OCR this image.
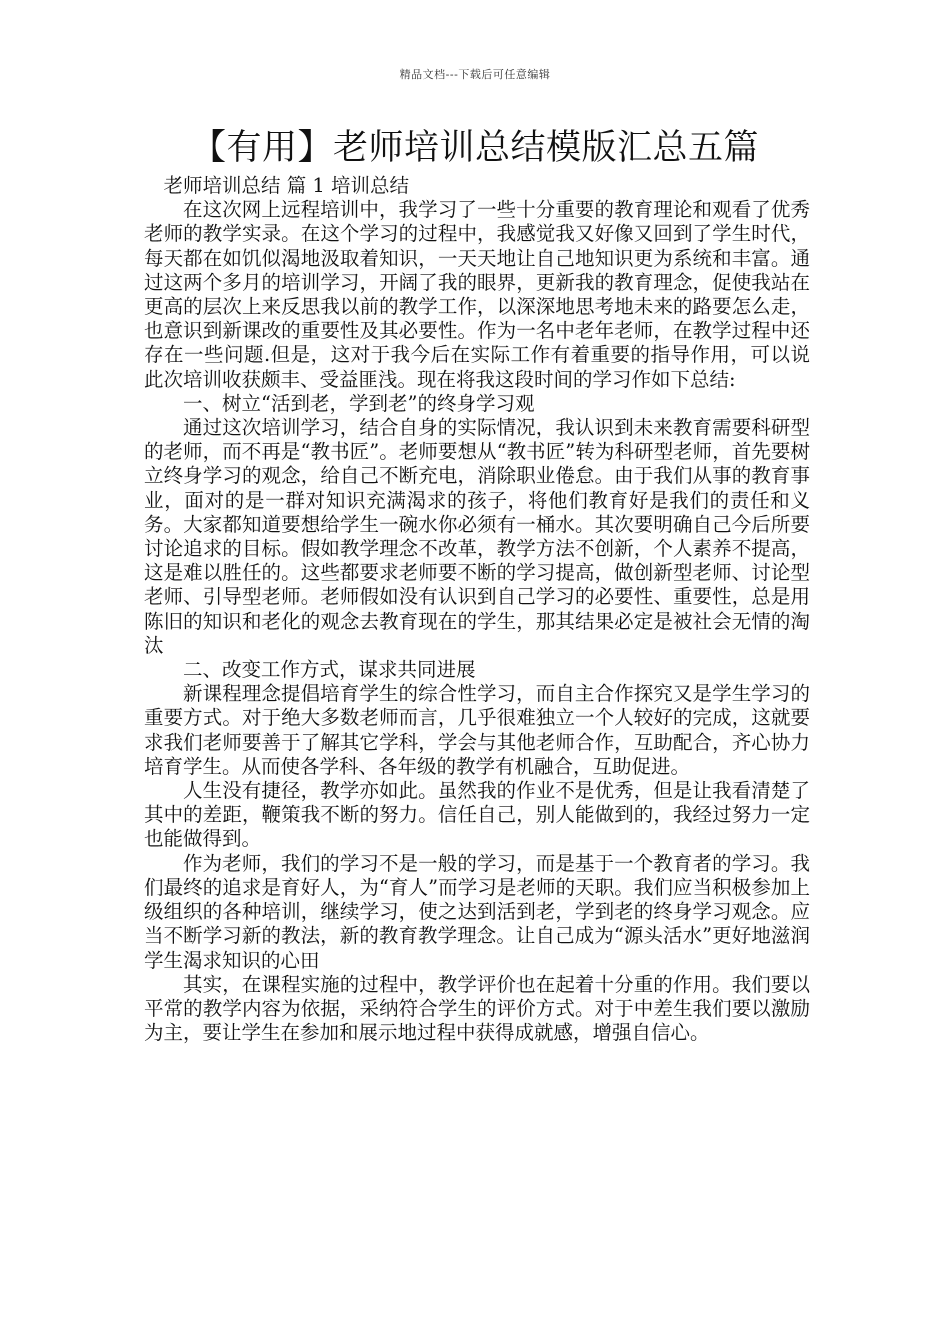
精品文档---下载后可任意编辑
【有用】老师培训总结模版汇总五篇

老师培训总结 篇 1 培训总结

在这次网上远程培训中，我学习了一些十分重要的教育理论和观看了优秀老师的教学实录。在这个学习的过程中，我感觉我又好像又回到了学生时代，每天都在如饥似渴地汲取着知识，一天天地让自己地知识更为系统和丰富。通过这两个多月的培训学习，开阔了我的眼界，更新我的教育理念，促使我站在更高的层次上来反思我以前的教学工作，以深深地思考地未来的路要怎么走，也意识到新课改的重要性及其必要性。作为一名中老年老师，在教学过程中还存在一些问题.但是，这对于我今后在实际工作有着重要的指导作用，可以说此次培训收获颇丰、受益匪浅。现在将我这段时间的学习作如下总结:

一、树立“活到老，学到老”的终身学习观

通过这次培训学习，结合自身的实际情况，我认识到未来教育需要科研型的老师，而不再是“教书匠”。老师要想从“教书匠”转为科研型老师，首先要树立终身学习的观念，给自己不断充电，消除职业倦怠。由于我们从事的教育事业，面对的是一群对知识充满渴求的孩子，将他们教育好是我们的责任和义务。大家都知道要想给学生一碗水你必须有一桶水。其次要明确自己今后所要讨论追求的目标。假如教学理念不改革，教学方法不创新，个人素养不提高，这是难以胜任的。这些都要求老师要不断的学习提高，做创新型老师、讨论型老师、引导型老师。老师假如没有认识到自己学习的必要性、重要性，总是用陈旧的知识和老化的观念去教育现在的学生，那其结果必定是被社会无情的淘汰

二、改变工作方式，谋求共同进展

新课程理念提倡培育学生的综合性学习，而自主合作探究又是学生学习的重要方式。对于绝大多数老师而言，几乎很难独立一个人较好的完成，这就要求我们老师要善于了解其它学科，学会与其他老师合作，互助配合，齐心协力培育学生。从而使各学科、各年级的教学有机融合，互助促进。

人生没有捷径，教学亦如此。虽然我的作业不是优秀，但是让我看清楚了其中的差距，鞭策我不断的努力。信任自己，别人能做到的，我经过努力一定也能做得到。

作为老师，我们的学习不是一般的学习，而是基于一个教育者的学习。我们最终的追求是育好人，为“育人”而学习是老师的天职。我们应当积极参加上级组织的各种培训，继续学习，使之达到活到老，学到老的终身学习观念。应当不断学习新的教法，新的教育教学理念。让自己成为“源头活水”更好地滋润学生渴求知识的心田

其实，在课程实施的过程中，教学评价也在起着十分重的作用。我们要以平常的教学内容为依据，采纳符合学生的评价方式。对于中差生我们要以激励为主，要让学生在参加和展示地过程中获得成就感，增强自信心。
